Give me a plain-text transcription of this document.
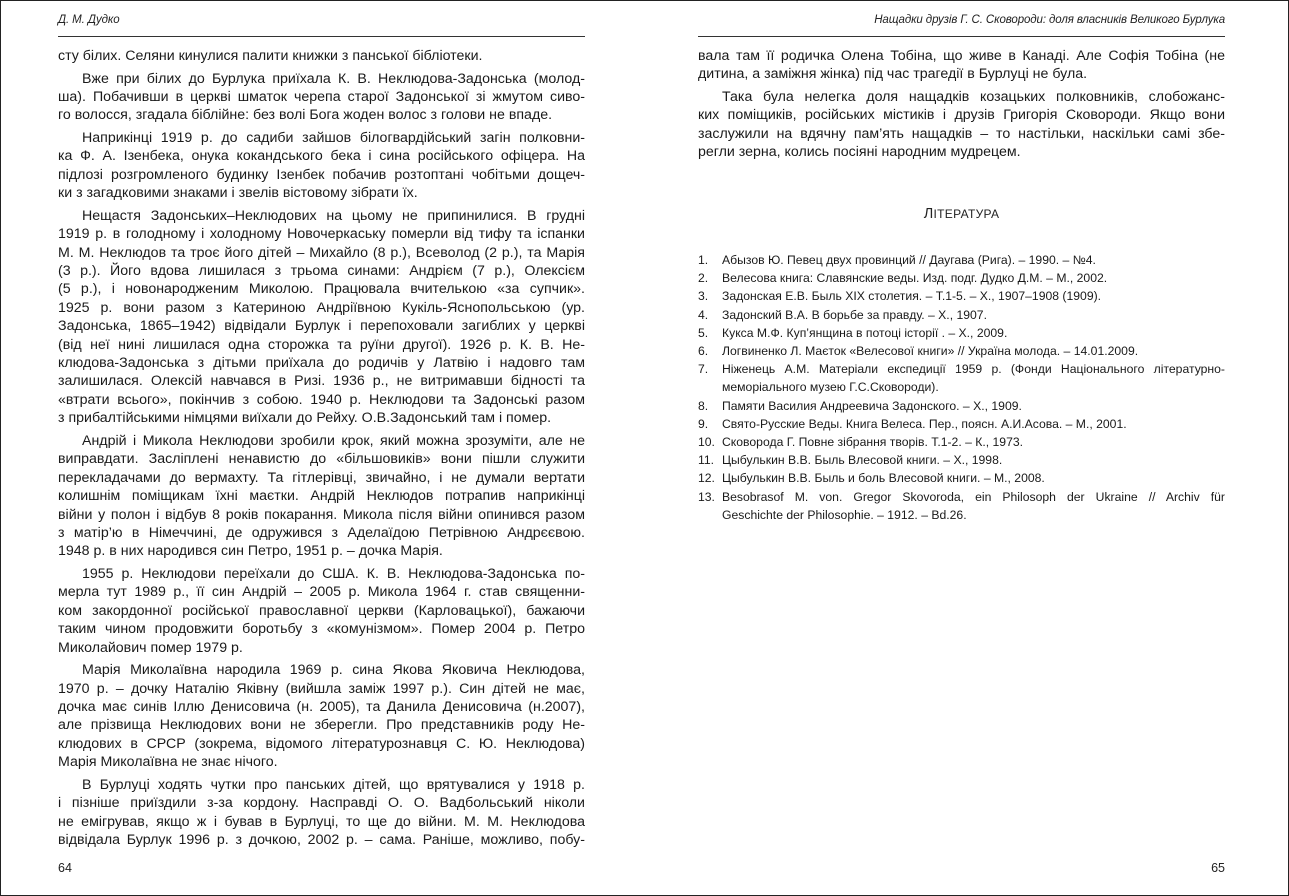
Д. М. Дудко

сту білих. Селяни кинулися палити книжки з панської бібліотеки.

Вже при білих до Бурлука приїхала К. В. Неклюдова-Задонська (молод-
ша). Побачивши в церкві шматок черепа старої Задонської зі жмутом сиво-
го волосся, згадала біблійне: без волі Бога жоден волос з голови не впаде.

Наприкінці 1919 р. до садиби зайшов білогвардійський загін полковни-
ка Ф. А. Ізенбека, онука кокандського бека і сина російського офіцера. На
підлозі розгромленого будинку Ізенбек побачив розтоптані чобітьми дощеч-
ки з загадковими знаками і звелів вістовому зібрати їх.

Нещастя Задонських–Неклюдових на цьому не припинилися. В грудні
1919 р. в голодному і холодному Новочеркаську померли від тифу та іспанки
М. М. Неклюдов та троє його дітей – Михайло (8 р.), Всеволод (2 р.), та Марія
(3 р.). Його вдова лишилася з трьома синами: Андрієм (7 р.), Олексієм
(5 р.), і новонародженим Миколою. Працювала вчителькою «за супчик».
1925 р. вони разом з Катериною Андріївною Кукіль-Яснопольською (ур.
Задонська, 1865–1942) відвідали Бурлук і перепоховали загиблих у церкві
(від неї нині лишилася одна сторожка та руїни другої). 1926 р. К. В. Не-
клюдова-Задонська з дітьми приїхала до родичів у Латвію і надовго там
залишилася. Олексій навчався в Ризі. 1936 р., не витримавши бідності та
«втрати всього», покінчив з собою. 1940 р. Неклюдови та Задонські разом
з прибалтійськими німцями виїхали до Рейху. О.В.Задонський там і помер.

Андрій і Микола Неклюдови зробили крок, який можна зрозуміти, але не
виправдати. Засліплені ненавистю до «більшовиків» вони пішли служити
перекладачами до вермахту. Та гітлерівці, звичайно, і не думали вертати
колишнім поміщикам їхні маєтки. Андрій Неклюдов потрапив наприкінці
війни у полон і відбув 8 років покарання. Микола після війни опинився разом
з матір’ю в Німеччині, де одружився з Аделаїдою Петрівною Андрєєвою.
1948 р. в них народився син Петро, 1951 р. – дочка Марія.

1955 р. Неклюдови переїхали до США. К. В. Неклюдова-Задонська по-
мерла тут 1989 р., її син Андрій – 2005 р. Микола 1964 г. став священни-
ком закордонної російської православної церкви (Карловацької), бажаючи
таким чином продовжити боротьбу з «комунізмом». Помер 2004 р. Петро
Миколайович помер 1979 р.

Марія Миколаївна народила 1969 р. сина Якова Яковича Неклюдова,
1970 р. – дочку Наталію Яківну (вийшла заміж 1997 р.). Син дітей не має,
дочка має синів Іллю Денисовича (н. 2005), та Данила Денисовича (н.2007),
але прізвища Неклюдових вони не зберегли. Про представників роду Не-
клюдових в СРСР (зокрема, відомого літературознавця С. Ю. Неклюдова)
Марія Миколаївна не знає нічого.

В Бурлуці ходять чутки про панських дітей, що врятувалися у 1918 р.
і пізніше приїздили з-за кордону. Насправді О. О. Вадбольський ніколи
не емігрував, якщо ж і бував в Бурлуці, то ще до війни. М. М. Неклюдова
відвідала Бурлук 1996 р. з дочкою, 2002 р. – сама. Раніше, можливо, побу-

64
Нащадки друзів Г. С. Сковороди: доля власників Великого Бурлука

вала там її родичка Олена Тобіна, що живе в Канаді. Але Софія Тобіна (не
дитина, а заміжня жінка) під час трагедії в Бурлуці не була.

Така була нелегка доля нащадків козацьких полковників, слобожанс-
ких поміщиків, російських містиків і друзів Григорія Сковороди. Якщо вони
заслужили на вдячну пам’ять нащадків – то настільки, наскільки самі збе-
регли зерна, колись посіяні народним мудрецем.

ЛІТЕРАТУРА
1. Абызов Ю. Певец двух провинций // Даугава (Рига). – 1990. – №4.
2. Велесова книга: Славянские веды. Изд. подг. Дудко Д.М. – М., 2002.
3. Задонская Е.В. Быль XIX столетия. – Т.1-5. – Х., 1907–1908 (1909).
4. Задонский В.А. В борьбе за правду. – Х., 1907.
5. Кукса М.Ф. Куп’янщина в потоці історії . – Х., 2009.
6. Логвиненко Л. Маєток «Велесової книги» // Україна молода. – 14.01.2009.
7. Ніженець А.М. Матеріали експедиції 1959 р. (Фонди Національного літературно-
меморіального музею Г.С.Сковороди).
8. Памяти Василия Андреевича Задонского. – Х., 1909.
9. Свято-Русские Веды. Книга Велеса. Пер., поясн. А.И.Асова. – М., 2001.
10. Сковорода Г. Повне зібрання творів. Т.1-2. – К., 1973.
11. Цыбулькин В.В. Быль Влесовой книги. – Х., 1998.
12. Цыбулькин В.В. Быль и боль Влесовой книги. – М., 2008.
13. Besobrasof M. von. Gregor Skovoroda, ein Philosoph der Ukraine // Archiv für
Geschichte der Philosophie. – 1912. – Bd.26.
65
